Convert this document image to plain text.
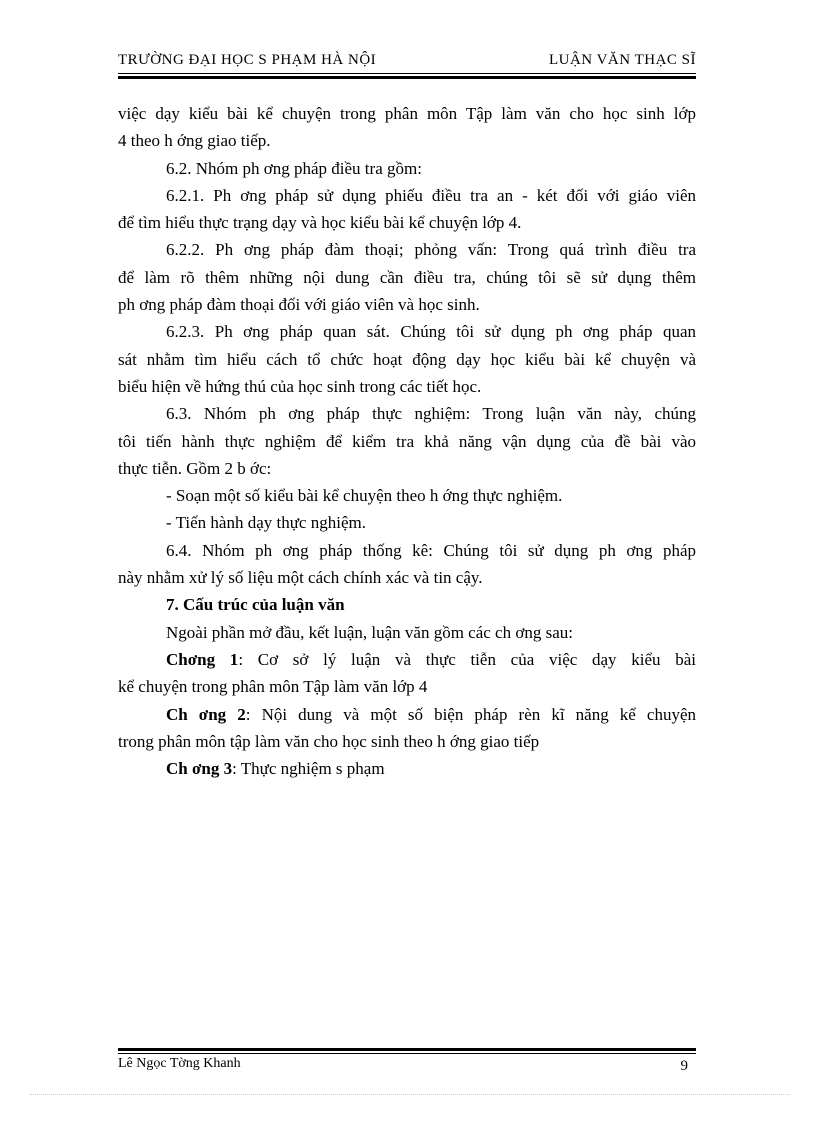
TRƯỜNG ĐẠI HỌC S PHẠM HÀ NỘI	LUẬN VĂN THẠC SĨ
việc dạy kiểu bài kể chuyện trong phân môn Tập làm văn cho học sinh lớp
4 theo h ớng giao tiếp.
6.2. Nhóm ph ơng pháp điều tra gồm:
6.2.1. Ph ơng pháp sử dụng phiếu điều tra an - két đối với giáo viên
để tìm hiểu thực trạng dạy và học kiểu bài kể chuyện lớp 4.
6.2.2. Ph ơng pháp đàm thoại; phỏng vấn: Trong quá trình điều tra
để làm rõ thêm những nội dung cần điều tra, chúng tôi sẽ sử dụng thêm
ph ơng pháp đàm thoại đối với giáo viên và học sinh.
6.2.3. Ph ơng pháp quan sát. Chúng tôi sử dụng ph ơng pháp quan
sát nhằm tìm hiểu cách tổ chức hoạt động dạy học kiểu bài kể chuyện và
biểu hiện về hứng thú của học sinh trong các tiết học.
6.3. Nhóm ph ơng pháp thực nghiệm: Trong luận văn này, chúng
tôi tiến hành thực nghiệm để kiểm tra khả năng vận dụng của đề bài vào
thực tiễn. Gồm 2 b ớc:
- Soạn một số kiểu bài kể chuyện theo h ớng thực nghiệm.
- Tiến hành dạy thực nghiệm.
6.4. Nhóm ph ơng pháp thống kê: Chúng tôi sử dụng ph ơng pháp
này nhằm xử lý số liệu một cách chính xác và tin cậy.
7. Cấu trúc của luận văn
Ngoài phần mở đầu, kết luận, luận văn gồm các ch ơng sau:
Chơng 1: Cơ sở lý luận và thực tiễn của việc dạy kiểu bài
kể chuyện trong phân môn Tập làm văn lớp 4
Ch ơng 2: Nội dung và một số biện pháp rèn kĩ năng kể chuyện
trong phân môn tập làm văn cho học sinh theo h ớng giao tiếp
Ch ơng 3: Thực nghiệm s phạm
Lê Ngọc Tờng Khanh	9
